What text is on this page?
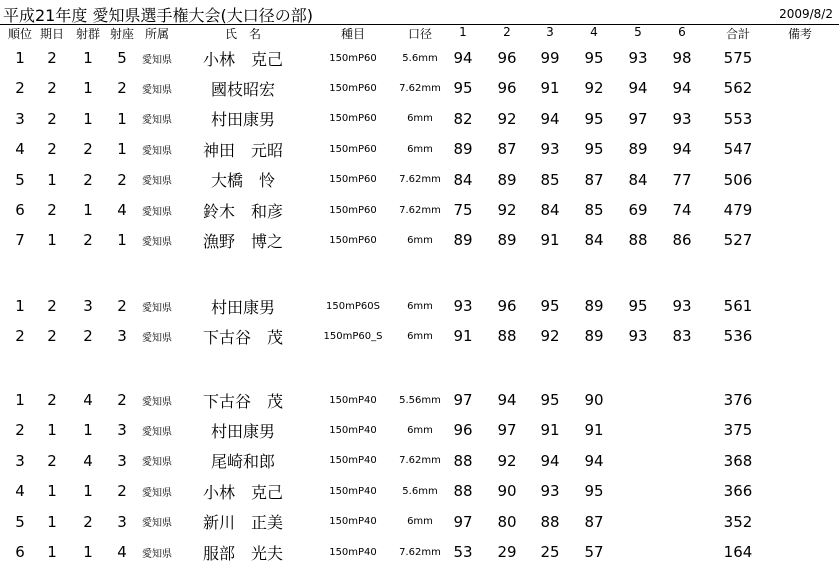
平成21年度 愛知県選手権大会(大口径の部)	2009/8/2
順位 期日 射群 射座 所属	氏　名	種目	口径 1	2	3	4	5	6	合計	備考
1 2 1 5 愛知県 小林　克己	150mP60	5.6mm 94 96 99 95 93 98 575
2 2 1 2 愛知県 國枝昭宏	150mP60 7.62mm 95 96 91 92 94 94 562
3 2 1 1 愛知県 村田康男	150mP60	6mm 82 92 94 95 97 93 553
4 2 2 1 愛知県 神田　元昭	150mP60	6mm 89 87 93 95 89 94 547
5 1 2 2 愛知県 大橋　怜	150mP60 7.62mm 84 89 85 87 84 77 506
6 2 1 4 愛知県 鈴木　和彦	150mP60 7.62mm 75 92 84 85 69 74 479
7 1 2 1 愛知県 漁野　博之	150mP60	6mm 89 89 91 84 88 86 527
1 2 3 2 愛知県 村田康男	150mP60S	6mm 93 96 95 89 95 93 561
2 2 2 3 愛知県 下古谷　茂	150mP60_S 6mm 91 88 92 89 93 83 536
1 2 4 2 愛知県 下古谷　茂	150mP40 5.56mm 97 94 95 90	376
2 1 1 3 愛知県 村田康男	150mP40	6mm 96 97 91 91	375
3 2 4 3 愛知県 尾崎和郎	150mP40 7.62mm 88 92 94 94	368
4 1 1 2 愛知県 小林　克己	150mP40	5.6mm 88 90 93 95	366
5 1 2 3 愛知県 新川　正美	150mP40	6mm 97 80 88 87	352
6 1 1 4 愛知県 服部　光夫	150mP40 7.62mm 53 29 25 57	164
